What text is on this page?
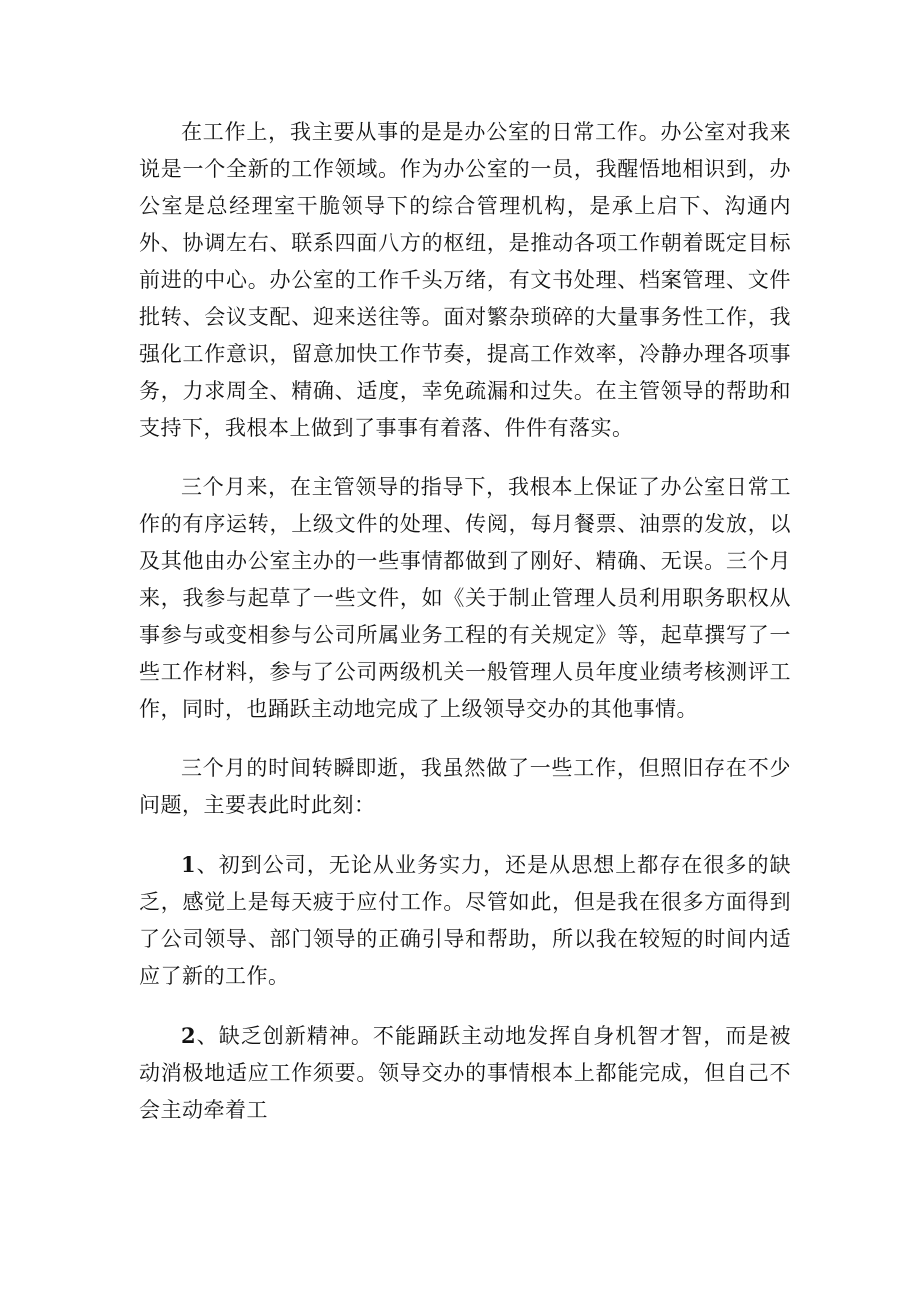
在工作上，我主要从事的是是办公室的日常工作。办公室对我来说是一个全新的工作领域。作为办公室的一员，我醒悟地相识到，办公室是总经理室干脆领导下的综合管理机构，是承上启下、沟通内外、协调左右、联系四面八方的枢纽，是推动各项工作朝着既定目标前进的中心。办公室的工作千头万绪，有文书处理、档案管理、文件批转、会议支配、迎来送往等。面对繁杂琐碎的大量事务性工作，我强化工作意识，留意加快工作节奏，提高工作效率，冷静办理各项事务，力求周全、精确、适度，幸免疏漏和过失。在主管领导的帮助和支持下，我根本上做到了事事有着落、件件有落实。

三个月来，在主管领导的指导下，我根本上保证了办公室日常工作的有序运转，上级文件的处理、传阅，每月餐票、油票的发放，以及其他由办公室主办的一些事情都做到了刚好、精确、无误。三个月来，我参与起草了一些文件，如《关于制止管理人员利用职务职权从事参与或变相参与公司所属业务工程的有关规定》等，起草撰写了一些工作材料，参与了公司两级机关一般管理人员年度业绩考核测评工作，同时，也踊跃主动地完成了上级领导交办的其他事情。

三个月的时间转瞬即逝，我虽然做了一些工作，但照旧存在不少问题，主要表此时此刻：

1、初到公司，无论从业务实力，还是从思想上都存在很多的缺乏，感觉上是每天疲于应付工作。尽管如此，但是我在很多方面得到了公司领导、部门领导的正确引导和帮助，所以我在较短的时间内适应了新的工作。

2、缺乏创新精神。不能踊跃主动地发挥自身机智才智，而是被动消极地适应工作须要。领导交办的事情根本上都能完成，但自己不会主动牵着工
